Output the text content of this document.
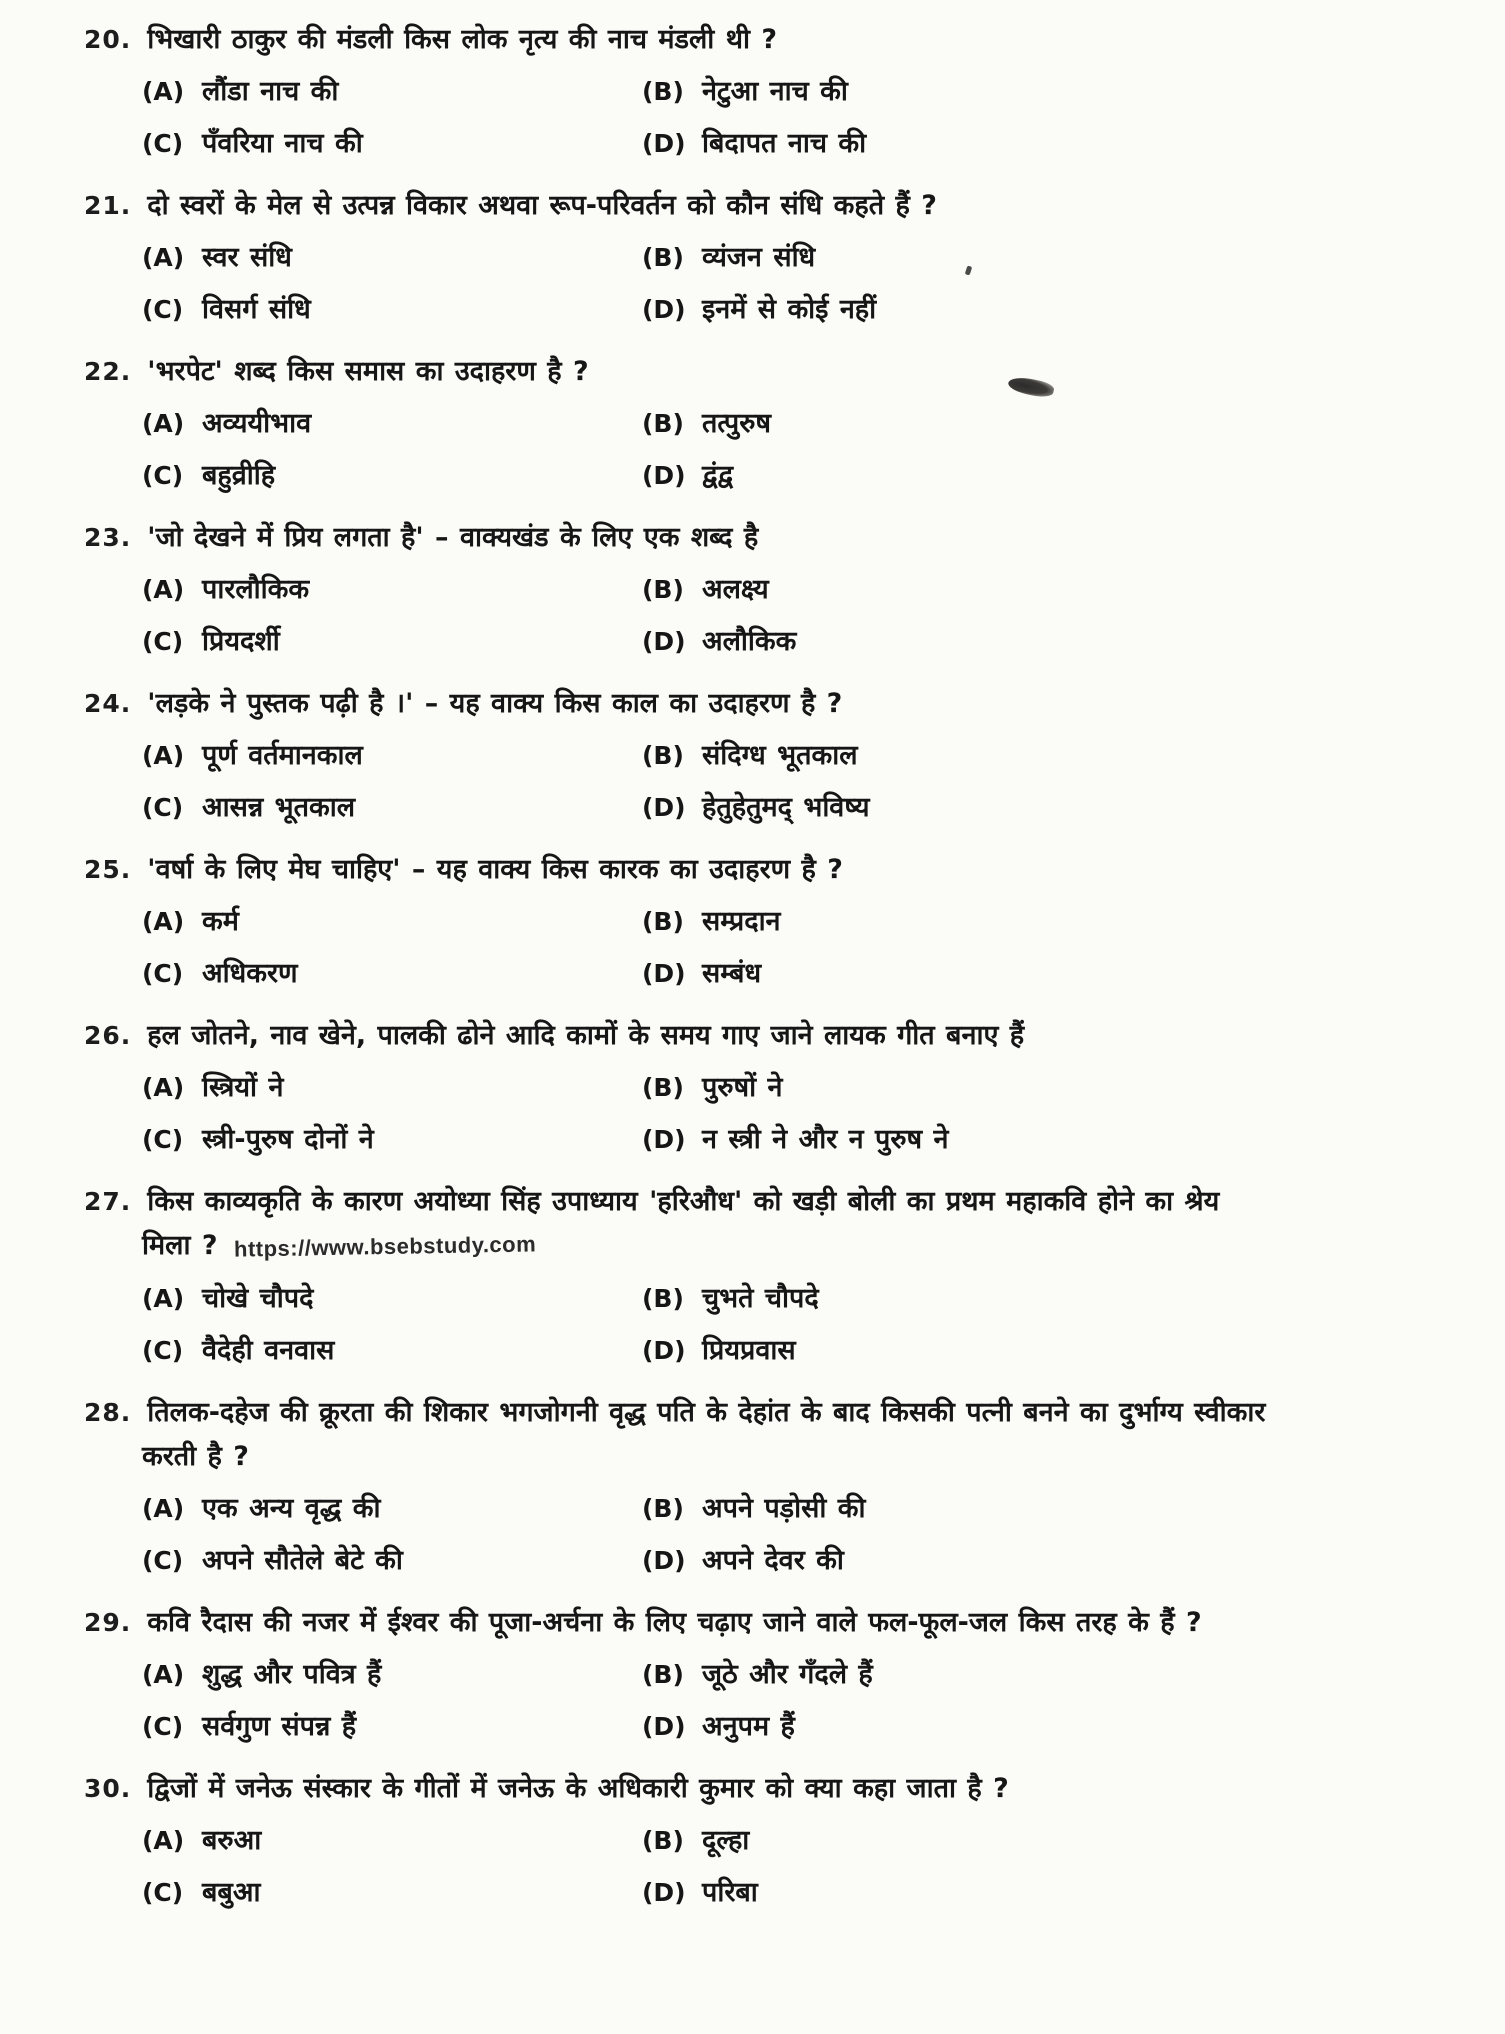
20. भिखारी ठाकुर की मंडली किस लोक नृत्य की नाच मंडली थी ?
(A) लौंडा नाच की	(B) नेटुआ नाच की
(C) पँवरिया नाच की	(D) बिदापत नाच की
21. दो स्वरों के मेल से उत्पन्न विकार अथवा रूप-परिवर्तन को कौन संधि कहते हैं ?
(A) स्वर संधि	(B) व्यंजन संधि
(C) विसर्ग संधि	(D) इनमें से कोई नहीं
22. 'भरपेट' शब्द किस समास का उदाहरण है ?
(A) अव्ययीभाव	(B) तत्पुरुष
(C) बहुव्रीहि	(D) द्वंद्व
23. 'जो देखने में प्रिय लगता है' – वाक्यखंड के लिए एक शब्द है
(A) पारलौकिक	(B) अलक्ष्य
(C) प्रियदर्शी	(D) अलौकिक
24. 'लड़के ने पुस्तक पढ़ी है ।' – यह वाक्य किस काल का उदाहरण है ?
(A) पूर्ण वर्तमानकाल	(B) संदिग्ध भूतकाल
(C) आसन्न भूतकाल	(D) हेतुहेतुमद् भविष्य
25. 'वर्षा के लिए मेघ चाहिए' – यह वाक्य किस कारक का उदाहरण है ?
(A) कर्म	(B) सम्प्रदान
(C) अधिकरण	(D) सम्बंध
26. हल जोतने, नाव खेने, पालकी ढोने आदि कामों के समय गाए जाने लायक गीत बनाए हैं
(A) स्त्रियों ने	(B) पुरुषों ने
(C) स्त्री-पुरुष दोनों ने	(D) न स्त्री ने और न पुरुष ने
27. किस काव्यकृति के कारण अयोध्या सिंह उपाध्याय 'हरिऔध' को खड़ी बोली का प्रथम महाकवि होने का श्रेय
मिला ? https://www.bsebstudy.com
(A) चोखे चौपदे	(B) चुभते चौपदे
(C) वैदेही वनवास	(D) प्रियप्रवास
28. तिलक-दहेज की क्रूरता की शिकार भगजोगनी वृद्ध पति के देहांत के बाद किसकी पत्नी बनने का दुर्भाग्य स्वीकार
करती है ?
(A) एक अन्य वृद्ध की	(B) अपने पड़ोसी की
(C) अपने सौतेले बेटे की	(D) अपने देवर की
29. कवि रैदास की नजर में ईश्वर की पूजा-अर्चना के लिए चढ़ाए जाने वाले फल-फूल-जल किस तरह के हैं ?
(A) शुद्ध और पवित्र हैं	(B) जूठे और गँदले हैं
(C) सर्वगुण संपन्न हैं	(D) अनुपम हैं
30. द्विजों में जनेऊ संस्कार के गीतों में जनेऊ के अधिकारी कुमार को क्या कहा जाता है ?
(A) बरुआ	(B) दूल्हा
(C) बबुआ	(D) परिबा
